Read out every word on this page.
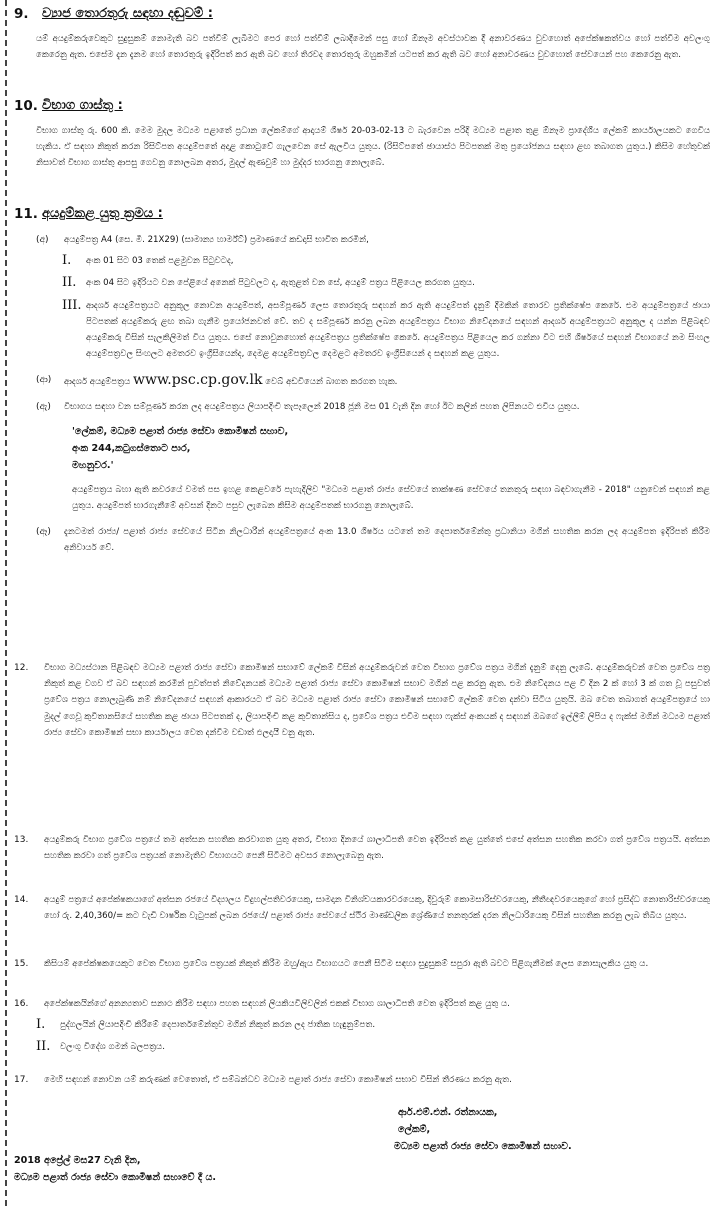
9.	ව්‍යාජ තොරතුරු සඳහා දඬුවම් :

යම් අයදුම්කරුවෙකුට සුදුසුකම් නොමැති බව පත්වීම් ලැබීමට පෙර හෝ පත්වීම් ලබාදීමෙන් පසු හෝ ඕනෑම අවස්ථාවක දී අනාවරණය වුවහොත් අපේක්ෂකත්වය හෝ පත්වීම අවලංගු කෙරෙනු ඇත. එසේම දැන දැනම හෝ තොරතුරු ඉදිරිපත් කර ඇති බව හෝ තිරවද තොරතුරු ඔහුකමින් යටපත් කර ඇති බව හෝ අනාවරණය වුවහොත් සේවයෙන් පහ කෙරෙනු ඇත.

10. විභාග ගාස්තු :

විභාග ගාස්තු රු. 600 කි. මෙම මුදල මධ්‍යම පළාතේ ප්‍රධාන ලේකම්ගේ ආදායම් ශීර්ෂ 20-03-02-13 ට බැරවෙන පරිදි මධ්‍යම පළාත තුළ ඕනෑම ප්‍රාදේශීය ලේකම් කාර්යාලයකට ගෙවිය හැකිය. ඒ සඳහා නිකුත් කරන රිසිට්පත අයදුම්පතේ අදාළ කොටුවේ ගැලවෙන සේ ඇලවිය යුතුය. (රිසිට්පතේ ඡායාස්ථ පිටපතක් මතු ප්‍රයෝජනය සඳහා ළඟ තබාගත යුතුය.) කිසිම හේතුවක් නිසාවත් විභාග ගාස්තු ආපසු ගෙවනු නොලබන අතර, මුදල් ඇණවුම් හා මුද්දර භාරගනු නොලැබේ.

11. අයදුම්කළ යුතු ක්‍රමය :
(අ)	අයදුම්පත්‍ර A4 (සෙ. මී. 21X29) (සාමාන්‍ය හාර්ම්ට්) ප්‍රමාණයේ කඩදාසි භාවිත කරමින්,
I.	අංක 01 සිට 03 තෙක් පළමුවන පිටුවටද,
II.	අංක 04 සිට ඉදිරියට වන පේළියේ අනෙක් පිටුවලට ද, ඇතුළත් වන සේ, අයදුම් පත්‍රය පිළියෙල කරගත යුතුය.
III. ආදර්ශ අයදුම්පත්‍රයට අනුකූල නොවන අයදුම්පත්, අසම්පූර්ණ ලෙස තොරතුරු සඳහන් කර ඇති අයදුම්පත් දැනුම් දීමකින් තොරව ප්‍රතික්ෂේප කෙරේ. එම අයදුම්පත්‍රයේ ඡායා පිටපතක් අයදුම්කරු ළඟ තබා ගැනීම ප්‍රයෝජනවත් වේ. තව ද සම්පූර්ණ කරනු ලබන අයදුම්පත්‍රය විභාග නිවේදනයේ සඳහන් ආදර්ශ අයදුම්පත්‍රයට අනුකූල ද යන්න පිළිබඳව අයදුම්කරු විසින් සැලකිලිමත් විය යුතුය. එසේ නොවුනහොත් අයදුම්පත්‍රය ප්‍රතික්ෂේප කෙරේ. අයදුම්පත්‍රය පිළියෙල කර ගන්නා විට එහි ශීර්ෂයේ සඳහන් විභාගයේ නම සිංහල අයදුම්පත්‍රවල සිංහලට අමතරව ඉංග්‍රීසියෙන්ද, දෙමළ අයදුම්පත්‍රවල දෙමළට අමතරව ඉංග්‍රීසියෙන් ද සඳහන් කළ යුතුය.
(ආ)	ආදර්ශ අයදුම්පත්‍රය www.psc.cp.gov.lk වෙබ් අඩවියෙන් බාගත කරගත හැක.
(ඇ)	විභාගය සඳහා වන සම්පූර්ණ කරන ලද අයදුම්පත්‍රය ලියාපදිංචි තැපෑලෙන් 2018 ජූනි මස 01 වැනි දින හෝ ඊට කලින් පහත ලිපිනයට එවිය යුතුය.
'ලේකම්, මධ්‍යම පළාත් රාජ්‍ය සේවා කොමිෂන් සභාව,
අංක 244,කටුගස්තොට පාර,
මහනුවර.'

අයදුම්පත්‍රය බහා ඇති කවරයේ වමත් පස ඉහළ කෙළවරේ පැහැදිලිව "මධ්‍යම පළාත් රාජ්‍ය සේවයේ තාක්ෂණ සේවයේ තනතුරු සඳහා බඳවාගැනීම - 2018" යනුවෙන් සඳහන් කළ යුතුය. අයදුම්පත් භාරගැනීමේ අවසන් දිනට පසුව ලැබෙන කිසිම අයදුම්පතක් භාරගනු නොලැබේ.

(ඈ)	දැනටමත් රාජ්‍ය/ පළාත් රාජ්‍ය සේවයේ සිටින නිලධාරීන් අයදුම්පත්‍රයේ අංක 13.0 ශීර්ෂය යටතේ තම දෙපාර්තමේන්තු ප්‍රධානියා මගින් සහතික කරන ලද අයදුම්පත ඉදිරිපත් කිරීම අනිවාර්ය වේ.
12.	විභාග මධ්‍යස්ථාන පිළිබඳව මධ්‍යම පළාත් රාජ්‍ය සේවා කොමිෂන් සභාවේ ලේකම් විසින් අයදුම්කරුවන් වෙත විභාග ප්‍රවේශ පත්‍රය මගින් දැනුම් දෙනු ලැබේ. අයදුම්කරුවන් වෙත ප්‍රවේශ පත්‍ර නිකුත් කළ වගව ඒ බව සඳහන් කරමින් පුවත්පත් නිවේදනයක් මධ්‍යම පළාත් රාජ්‍ය සේවා කොමිෂන් සභාව මගින් පළ කරනු ඇත. එම නිවේදනය පළ වී දින 2 ක් හෝ 3 ක් ගත වූ පසුවත් ප්‍රවේශ පත්‍රය නොලැබුණි නම් නිවේදනයේ සඳහන් ආකාරයට ඒ බව මධ්‍යම පළාත් රාජ්‍ය සේවා කොමිෂන් සභාවේ ලේකම් වෙත දන්වා සිටිය යුතුයි. ඔබ වෙත තබාගත් අයදුම්පත්‍රයේ හා මුදල් ගෙවූ කුවිතානසියේ සහතික කළ ඡායා පිටපතක් ද, ලියාපදිංචි කළ කුවිතාන්සිය ද, ප්‍රවේශ පත්‍රය එවීම සඳහා ෆැක්ස් අංකයක් ද සඳහන් ඔබගේ ඉල්ලීම් ලිපිය ද ෆැක්ස් මගින් මධ්‍යම පළාත් රාජ්‍ය සේවා කොමිෂන් සභා කාර්යාලය වෙත දන්වීම වඩාත් ඵලදායී වනු ඇත.
13.	අයදුම්කරු විභාග ප්‍රවේශ පත්‍රයේ තම අත්සන සහතික කරවාගත යුතු අතර, විභාග දිනයේ ශාලාධිපති වෙත ඉදිරිපත් කළ යුත්තේ එසේ අත්සන සහතික කරවා ගත් ප්‍රවේශ පත්‍රයයි. අත්සන සහතික කරවා ගත් ප්‍රවේශ පත්‍රයක් නොමැතිව විභාගයට පෙනී සිටීමට අවසර නොලැබෙනු ඇත.
14.	අයදුම් පත්‍රයේ අපේක්ෂකයාගේ අත්සන රජයේ විද්‍යාලය විදුහල්පතිවරයෙකු, සාමදාන විනිශ්චයකාරවරයෙකු, දිවුරුම් කොමසාරිස්වරයෙකු, නීතීඥවරයෙකුගේ හෝ ප්‍රසිද්ධ නොතාරිස්වරයෙකු හෝ රු. 2,40,360/= කට වැඩි වාර්ෂික වැටුපක් ලබන රජයේ/ පළාත් රාජ්‍ය සේවයේ ස්ථිර මාණ්ඩලික ශ්‍රේණියේ තනතුරක් දරන නිලධාරියෙකු විසින් සහතික කරනු ලැබ තිබිය යුතුය.
15.	කිසියම් අපේක්ෂකයෙකුට වෙත විභාග ප්‍රවේශ පත්‍රයක් නිකුත් කිරීම ඔහු/ඇය විභාගයට පෙනී සිටීම සඳහා සුදුසුකම් සපුරා ඇති බවට පිළිගැනීමක් ලෙස නොසැලකිය යුතු ය.
16.	අපේක්ෂකයින්ගේ අනන්‍යතාව සනාථ කිරීම සඳහා පහත සඳහන් ලියකියවිලිවලින් එකක් විභාග ශාලාධිපති වෙත ඉදිරිපත් කළ යුතු ය.
I.	පුද්ගලයින් ලියාපදිංචි කිරීමේ දෙපාර්තමේන්තුව මගින් නිකුත් කරන ලද ජාතික හැඳුනුම්පත.
II.	වලංගු විදේශ ගමන් බලපත්‍රය.
17.	මෙහි සඳහන් නොවන යම් කරුණක් වෙතොත්, ඒ සම්බන්ධව මධ්‍යම පළාත් රාජ්‍ය සේවා කොමිෂන් සභාව විසින් තීරණය කරනු ඇත.
ආර්.එම්.එන්. රත්නායක,
ලේකම්,
මධ්‍යම පළාත් රාජ්‍ය සේවා කොමිෂන් සභාව.
2018 අප්‍රේල් මස27 වැනි දින,
මධ්‍යම පළාත් රාජ්‍ය සේවා කොමිෂන් සභාවේ දී ය.
